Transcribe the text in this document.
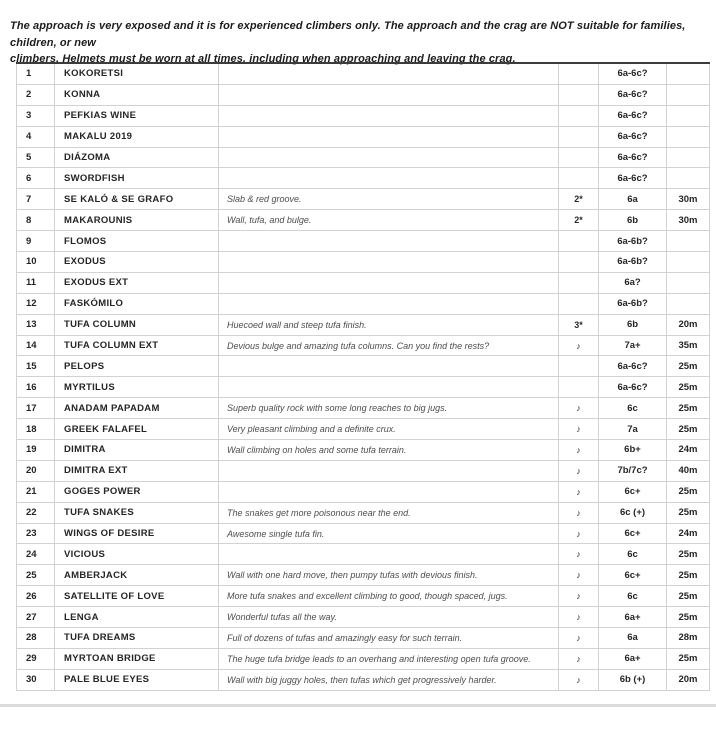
The approach is very exposed and it is for experienced climbers only. The approach and the crag are NOT suitable for families, children, or new
climbers. Helmets must be worn at all times, including when approaching and leaving the crag.

1	KOKORETSI			6a-6c?	
2	KONNA			6a-6c?	
3	PEFKIAS WINE			6a-6c?	
4	MAKALU 2019			6a-6c?	
5	DIÁZOMA			6a-6c?	
6	SWORDFISH			6a-6c?	
7	SE KALÓ & SE GRAFO	Slab & red groove.	2*	6a	30m
8	MAKAROUNIS	Wall, tufa, and bulge.	2*	6b	30m
9	FLOMOS			6a-6b?	
10	EXODUS			6a-6b?	
11	EXODUS EXT			6a?	
12	FASKÓMILO			6a-6b?	
13	TUFA COLUMN	Huecoed wall and steep tufa finish.	3*	6b	20m
14	TUFA COLUMN EXT	Devious bulge and amazing tufa columns. Can you find the rests?	♪	7a+	35m
15	PELOPS			6a-6c?	25m
16	MYRTILUS			6a-6c?	25m
17	ANADAM PAPADAM	Superb quality rock with some long reaches to big jugs.	♪	6c	25m
18	GREEK FALAFEL	Very pleasant climbing and a definite crux.	♪	7a	25m
19	DIMITRA	Wall climbing on holes and some tufa terrain.	♪	6b+	24m
20	DIMITRA EXT		♪	7b/7c?	40m
21	GOGES POWER		♪	6c+	25m
22	TUFA SNAKES	The snakes get more poisonous near the end.	♪	6c (+)	25m
23	WINGS OF DESIRE	Awesome single tufa fin.	♪	6c+	24m
24	VICIOUS		♪	6c	25m
25	AMBERJACK	Wall with one hard move, then pumpy tufas with devious finish.	♪	6c+	25m
26	SATELLITE OF LOVE	More tufa snakes and excellent climbing to good, though spaced, jugs.	♪	6c	25m
27	LENGA	Wonderful tufas all the way.	♪	6a+	25m
28	TUFA DREAMS	Full of dozens of tufas and amazingly easy for such terrain.	♪	6a	28m
29	MYRTOAN BRIDGE	The huge tufa bridge leads to an overhang and interesting open tufa groove.	♪	6a+	25m
30	PALE BLUE EYES	Wall with big juggy holes, then tufas which get progressively harder.	♪	6b (+)	20m
